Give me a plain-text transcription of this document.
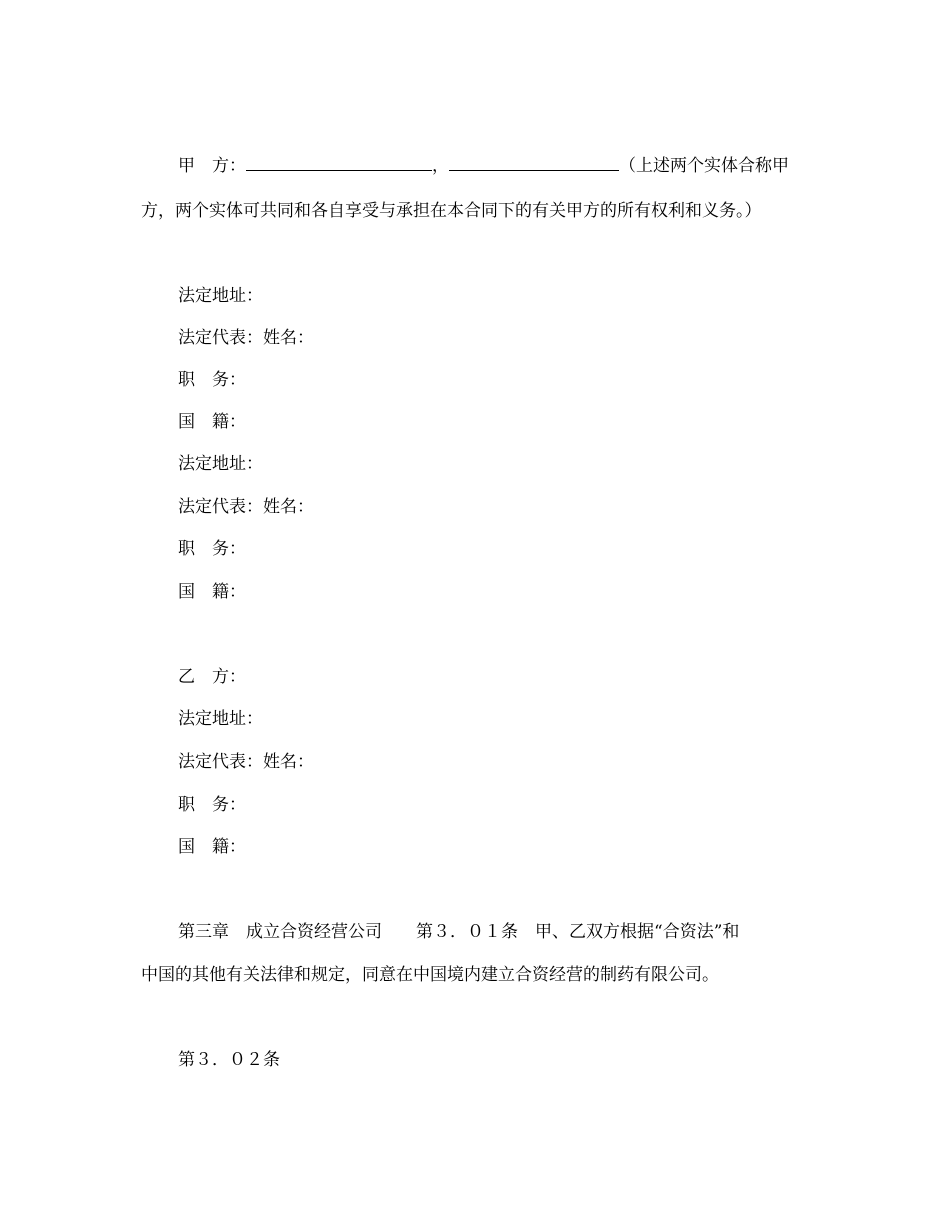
甲　方：	，	（上述两个实体合称甲
方，两个实体可共同和各自享受与承担在本合同下的有关甲方的所有权利和义务。）
法定地址：
法定代表：姓名：
职　务：
国　籍：
法定地址：
法定代表：姓名：
职　务：
国　籍：
乙　方：
法定地址：
法定代表：姓名：
职　务：
国　籍：
第三章　成立合资经营公司　　第３．０１条　甲、乙双方根据“合资法”和
中国的其他有关法律和规定，同意在中国境内建立合资经营的制药有限公司。
第３．０２条
